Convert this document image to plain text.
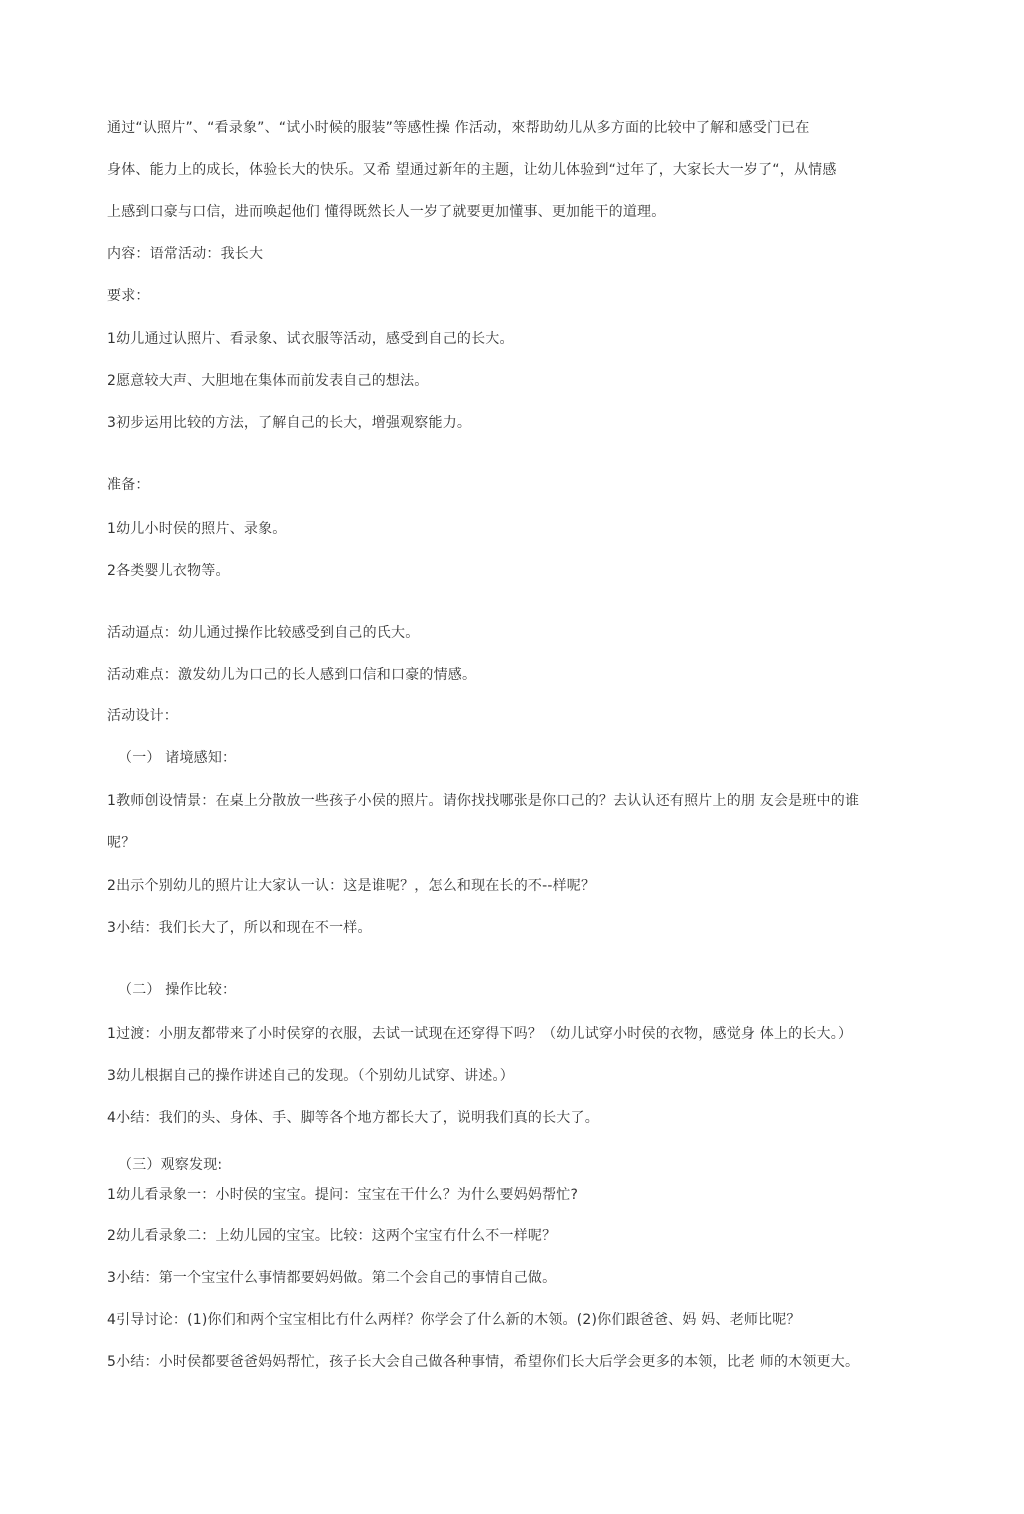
通过“认照片”、“看录象”、“试小时候的服装”等感性操 作活动，來帮助幼儿从多方面的比较中了解和感受门已在
身体、能力上的成长，体验长大的快乐。又希 望通过新年的主题，让幼儿体验到“过年了，大家长大一岁了“，从情感
上感到口豪与口信，进而唤起他们 懂得既然长人一岁了就要更加懂事、更加能干的道理。
内容：语常活动：我长大
要求：
1幼儿通过认照片、看录象、试衣服等活动，感受到自己的长大。
2愿意较大声、大胆地在集体而前发表自己的想法。
3初步运用比较的方法，了解自己的长大，增强观察能力。
准备：
1幼儿小时侯的照片、录象。
2各类婴儿衣物等。
活动逼点：幼儿通过操作比较感受到自己的氏大。
活动难点：激发幼儿为口己的长人感到口信和口豪的情感。
活动设计：
（一） 诸境感知：
1教师创设情景：在桌上分散放一些孩子小侯的照片。请你找找哪张是你口己的？去认认还有照片上的朋 友会是班中的谁
呢？
2出示个别幼儿的照片让大家认一认：这是谁呢？，怎么和现在长的不--样呢？
3小结：我们长大了，所以和现在不一样。
（二） 操作比较：
1过渡：小朋友都带来了小时侯穿的衣服，去试一试现在还穿得下吗？（幼儿试穿小时侯的衣物，感觉身 体上的长大。）
3幼儿根据自己的操作讲述自己的发现。（个别幼儿试穿、讲述。）
4小结：我们的头、身体、手、脚等各个地方都长大了，说明我们真的长大了。
（三）观察发现:
1幼儿看录象一：小时侯的宝宝。提问：宝宝在干什么？为什么要妈妈帮忙?
2幼儿看录象二：上幼儿园的宝宝。比较：这两个宝宝冇什么不一样呢？
3小结：第一个宝宝什么事情都要妈妈做。第二个会自己的事情自己做。
4引导讨论：(1)你们和两个宝宝相比冇什么两样？你学会了什么新的木领。(2)你们跟爸爸、妈 妈、老师比呢？
5小结：小时侯都要爸爸妈妈帮忙，孩子长大会自己做各种事情，希望你们长大后学会更多的本领，比老 师的木领更大。
